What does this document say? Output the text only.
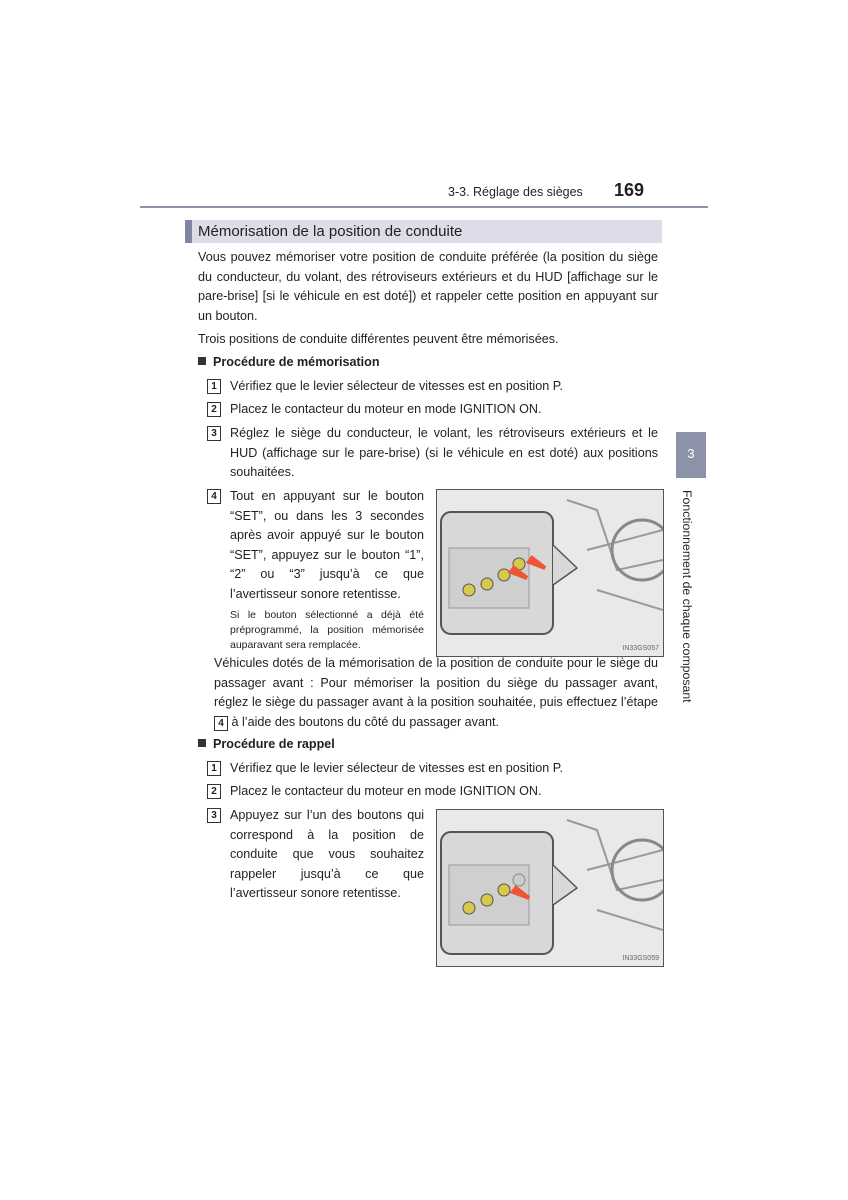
3-3. Réglage des sièges 169
Mémorisation de la position de conduite
3
Fonctionnement de chaque composant
Vous pouvez mémoriser votre position de conduite préférée (la position du siège du conducteur, du volant, des rétroviseurs extérieurs et du HUD [affichage sur le pare-brise] [si le véhicule en est doté]) et rappeler cette position en appuyant sur un bouton.
Trois positions de conduite différentes peuvent être mémorisées.
Procédure de mémorisation
1	Vérifiez que le levier sélecteur de vitesses est en position P.
2	Placez le contacteur du moteur en mode IGNITION ON.
3	Réglez le siège du conducteur, le volant, les rétroviseurs extérieurs et le HUD (affichage sur le pare-brise) (si le véhicule en est doté) aux positions souhaitées.
4	Tout en appuyant sur le bouton “SET”, ou dans les 3 secondes après avoir appuyé sur le bouton “SET”, appuyez sur le bouton “1”, “2” ou “3” jusqu’à ce que l’avertisseur sonore retentisse.
Si le bouton sélectionné a déjà été préprogrammé, la position mémorisée auparavant sera remplacée.	IN33GS057
Véhicules dotés de la mémorisation de la position de conduite pour le siège du passager avant : Pour mémoriser la position du siège du passager avant, réglez le siège du passager avant à la position souhaitée, puis effectuez l’étape 4 à l’aide des boutons du côté du passager avant.
Procédure de rappel
1	Vérifiez que le levier sélecteur de vitesses est en position P.
2	Placez le contacteur du moteur en mode IGNITION ON.
3	Appuyez sur l’un des boutons qui correspond à la position de conduite que vous souhaitez rappeler jusqu’à ce que l’avertisseur sonore retentisse.
IN33GS059
